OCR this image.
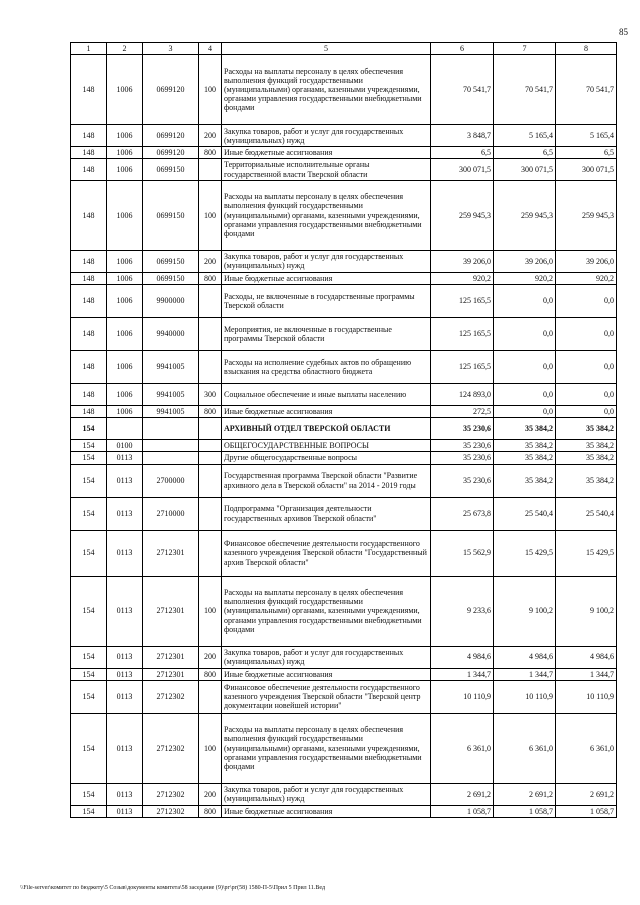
85
1	2	3	4	5	6	7	8
148	1006	0699120	100	Расходы на выплаты персоналу в целях обеспечения выполнения функций государственными (муниципальными) органами, казенными учреждениями, органами управления государственными внебюджетными фондами	70 541,7	70 541,7	70 541,7
148	1006	0699120	200	Закупка товаров, работ и услуг для государственных (муниципальных) нужд	3 848,7	5 165,4	5 165,4
148	1006	0699120	800	Иные бюджетные ассигнования	6,5	6,5	6,5
148	1006	0699150		Территориальные исполнительные органы государственной власти Тверской области	300 071,5	300 071,5	300 071,5
148	1006	0699150	100	Расходы на выплаты персоналу в целях обеспечения выполнения функций государственными (муниципальными) органами, казенными учреждениями, органами управления государственными внебюджетными фондами	259 945,3	259 945,3	259 945,3
148	1006	0699150	200	Закупка товаров, работ и услуг для государственных (муниципальных) нужд	39 206,0	39 206,0	39 206,0
148	1006	0699150	800	Иные бюджетные ассигнования	920,2	920,2	920,2
148	1006	9900000		Расходы, не включенные в государственные программы Тверской области	125 165,5	0,0	0,0
148	1006	9940000		Мероприятия, не включенные в государственные программы Тверской области	125 165,5	0,0	0,0
148	1006	9941005		Расходы на исполнение судебных актов по обращению взыскания на средства областного бюджета	125 165,5	0,0	0,0
148	1006	9941005	300	Социальное обеспечение и иные выплаты населению	124 893,0	0,0	0,0
148	1006	9941005	800	Иные бюджетные ассигнования	272,5	0,0	0,0
154				АРХИВНЫЙ ОТДЕЛ ТВЕРСКОЙ ОБЛАСТИ	35 230,6	35 384,2	35 384,2
154	0100			ОБЩЕГОСУДАРСТВЕННЫЕ ВОПРОСЫ	35 230,6	35 384,2	35 384,2
154	0113			Другие общегосударственные вопросы	35 230,6	35 384,2	35 384,2
154	0113	2700000		Государственная программа Тверской области "Развитие архивного дела в Тверской области" на 2014 - 2019 годы	35 230,6	35 384,2	35 384,2
154	0113	2710000		Подпрограмма "Организация деятельности государственных архивов Тверской области"	25 673,8	25 540,4	25 540,4
154	0113	2712301		Финансовое обеспечение деятельности государственного казенного учреждения Тверской области "Государственный архив Тверской области"	15 562,9	15 429,5	15 429,5
154	0113	2712301	100	Расходы на выплаты персоналу в целях обеспечения выполнения функций государственными (муниципальными) органами, казенными учреждениями, органами управления государственными внебюджетными фондами	9 233,6	9 100,2	9 100,2
154	0113	2712301	200	Закупка товаров, работ и услуг для государственных (муниципальных) нужд	4 984,6	4 984,6	4 984,6
154	0113	2712301	800	Иные бюджетные ассигнования	1 344,7	1 344,7	1 344,7
154	0113	2712302		Финансовое обеспечение деятельности государственного казенного учреждения Тверской области "Тверской центр документации новейшей истории"	10 110,9	10 110,9	10 110,9
154	0113	2712302	100	Расходы на выплаты персоналу в целях обеспечения выполнения функций государственными (муниципальными) органами, казенными учреждениями, органами управления государственными внебюджетными фондами	6 361,0	6 361,0	6 361,0
154	0113	2712302	200	Закупка товаров, работ и услуг для государственных (муниципальных) нужд	2 691,2	2 691,2	2 691,2
154	0113	2712302	800	Иные бюджетные ассигнования	1 058,7	1 058,7	1 058,7
\\File-server\комитет по бюджету\5 Созыв\документы комитета\58 заседание (9)\рг\рг(58) 1580-П-5\Прил 5 Прил 11.Вед
